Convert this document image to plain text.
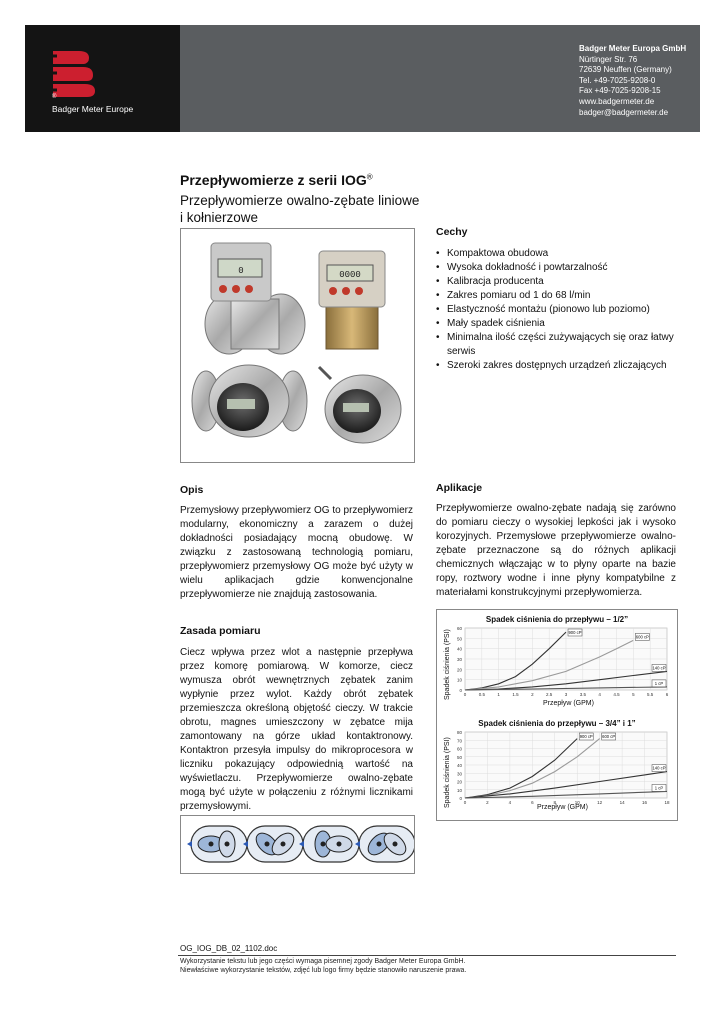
®
Badger Meter Europe
Badger Meter Europa GmbH
Nürtinger Str. 76
72639 Neuffen (Germany)
Tel. +49-7025-9208-0
Fax +49-7025-9208-15
www.badgermeter.de
badger@badgermeter.de
Przepływomierze z serii IOG®
Przepływomierze owalno-zębate liniowe
i kołnierzowe
0	0000
Cechy
• Kompaktowa obudowa
• Wysoka dokładność i powtarzalność
• Kalibracja producenta
• Zakres pomiaru od 1 do 68 l/min
• Elastyczność montażu (pionowo lub poziomo)
• Mały spadek ciśnienia
• Minimalna ilość części zużywających się oraz łatwy serwis
• Szeroki zakres dostępnych urządzeń zliczających
Opis
Przemysłowy przepływomierz OG to przepływomierz modularny, ekonomiczny a zarazem o dużej dokładności posiadający mocną obudowę. W związku z zastosowaną technologią pomiaru, przepływomierz przemysłowy OG może być użyty w wielu aplikacjach gdzie konwencjonalne przepływomierze nie znajdują zastosowania.
Zasada pomiaru
Ciecz wpływa przez wlot a następnie przepływa przez komorę pomiarową. W komorze, ciecz wymusza obrót wewnętrznych zębatek zanim wypłynie przez wylot. Każdy obrót zębatek przemieszcza określoną objętość cieczy. W trakcie obrotu, magnes umieszczony w zębatce mija zamontowany na górze układ kontaktronowy. Kontaktron przesyła impulsy do mikroprocesora w liczniku pokazujący odpowiednią wartość na wyświetlaczu. Przepływomierze owalno-zębate mogą być użyte w połączeniu z różnymi licznikami przemysłowymi.
Aplikacje
Przepływomierze owalno-zębate nadają się zarówno do pomiaru cieczy o wysokiej lepkości jak i wysoko korozyjnych. Przemysłowe przepływomierze owalno-zębate przeznaczone są do różnych aplikacji chemicznych włączając w to płyny oparte na bazie ropy, roztwory wodne i inne płyny kompatybilne z materiałami konstrukcyjnymi przepływomierza.
0
10
20
30
40
50
60
0	0.5	1	1.5	2	2.5	3	3.5	4	4.5	5	5.5	6
900 cP
600 cP
140 cP
1 cP
Spadek ciśnienia do przepływu – 1/2”
Spadek ciśnienia (PSI)
Przepływ (GPM)
0
10
20
30
40
50
60
70
80
0	2	4	6	8	10	12	14	16	18
900 cP 600 cP
140 cP
1 cP
Spadek ciśnienia do przepływu – 3/4” i 1”
Spadek ciśnienia (PSI)	Przepływ (GPM)
OG_IOG_DB_02_1102.doc
Wykorzystanie tekstu lub jego części wymaga pisemnej zgody Badger Meter Europa GmbH.
Niewłaściwe wykorzystanie tekstów, zdjęć lub logo firmy będzie stanowiło naruszenie prawa.
